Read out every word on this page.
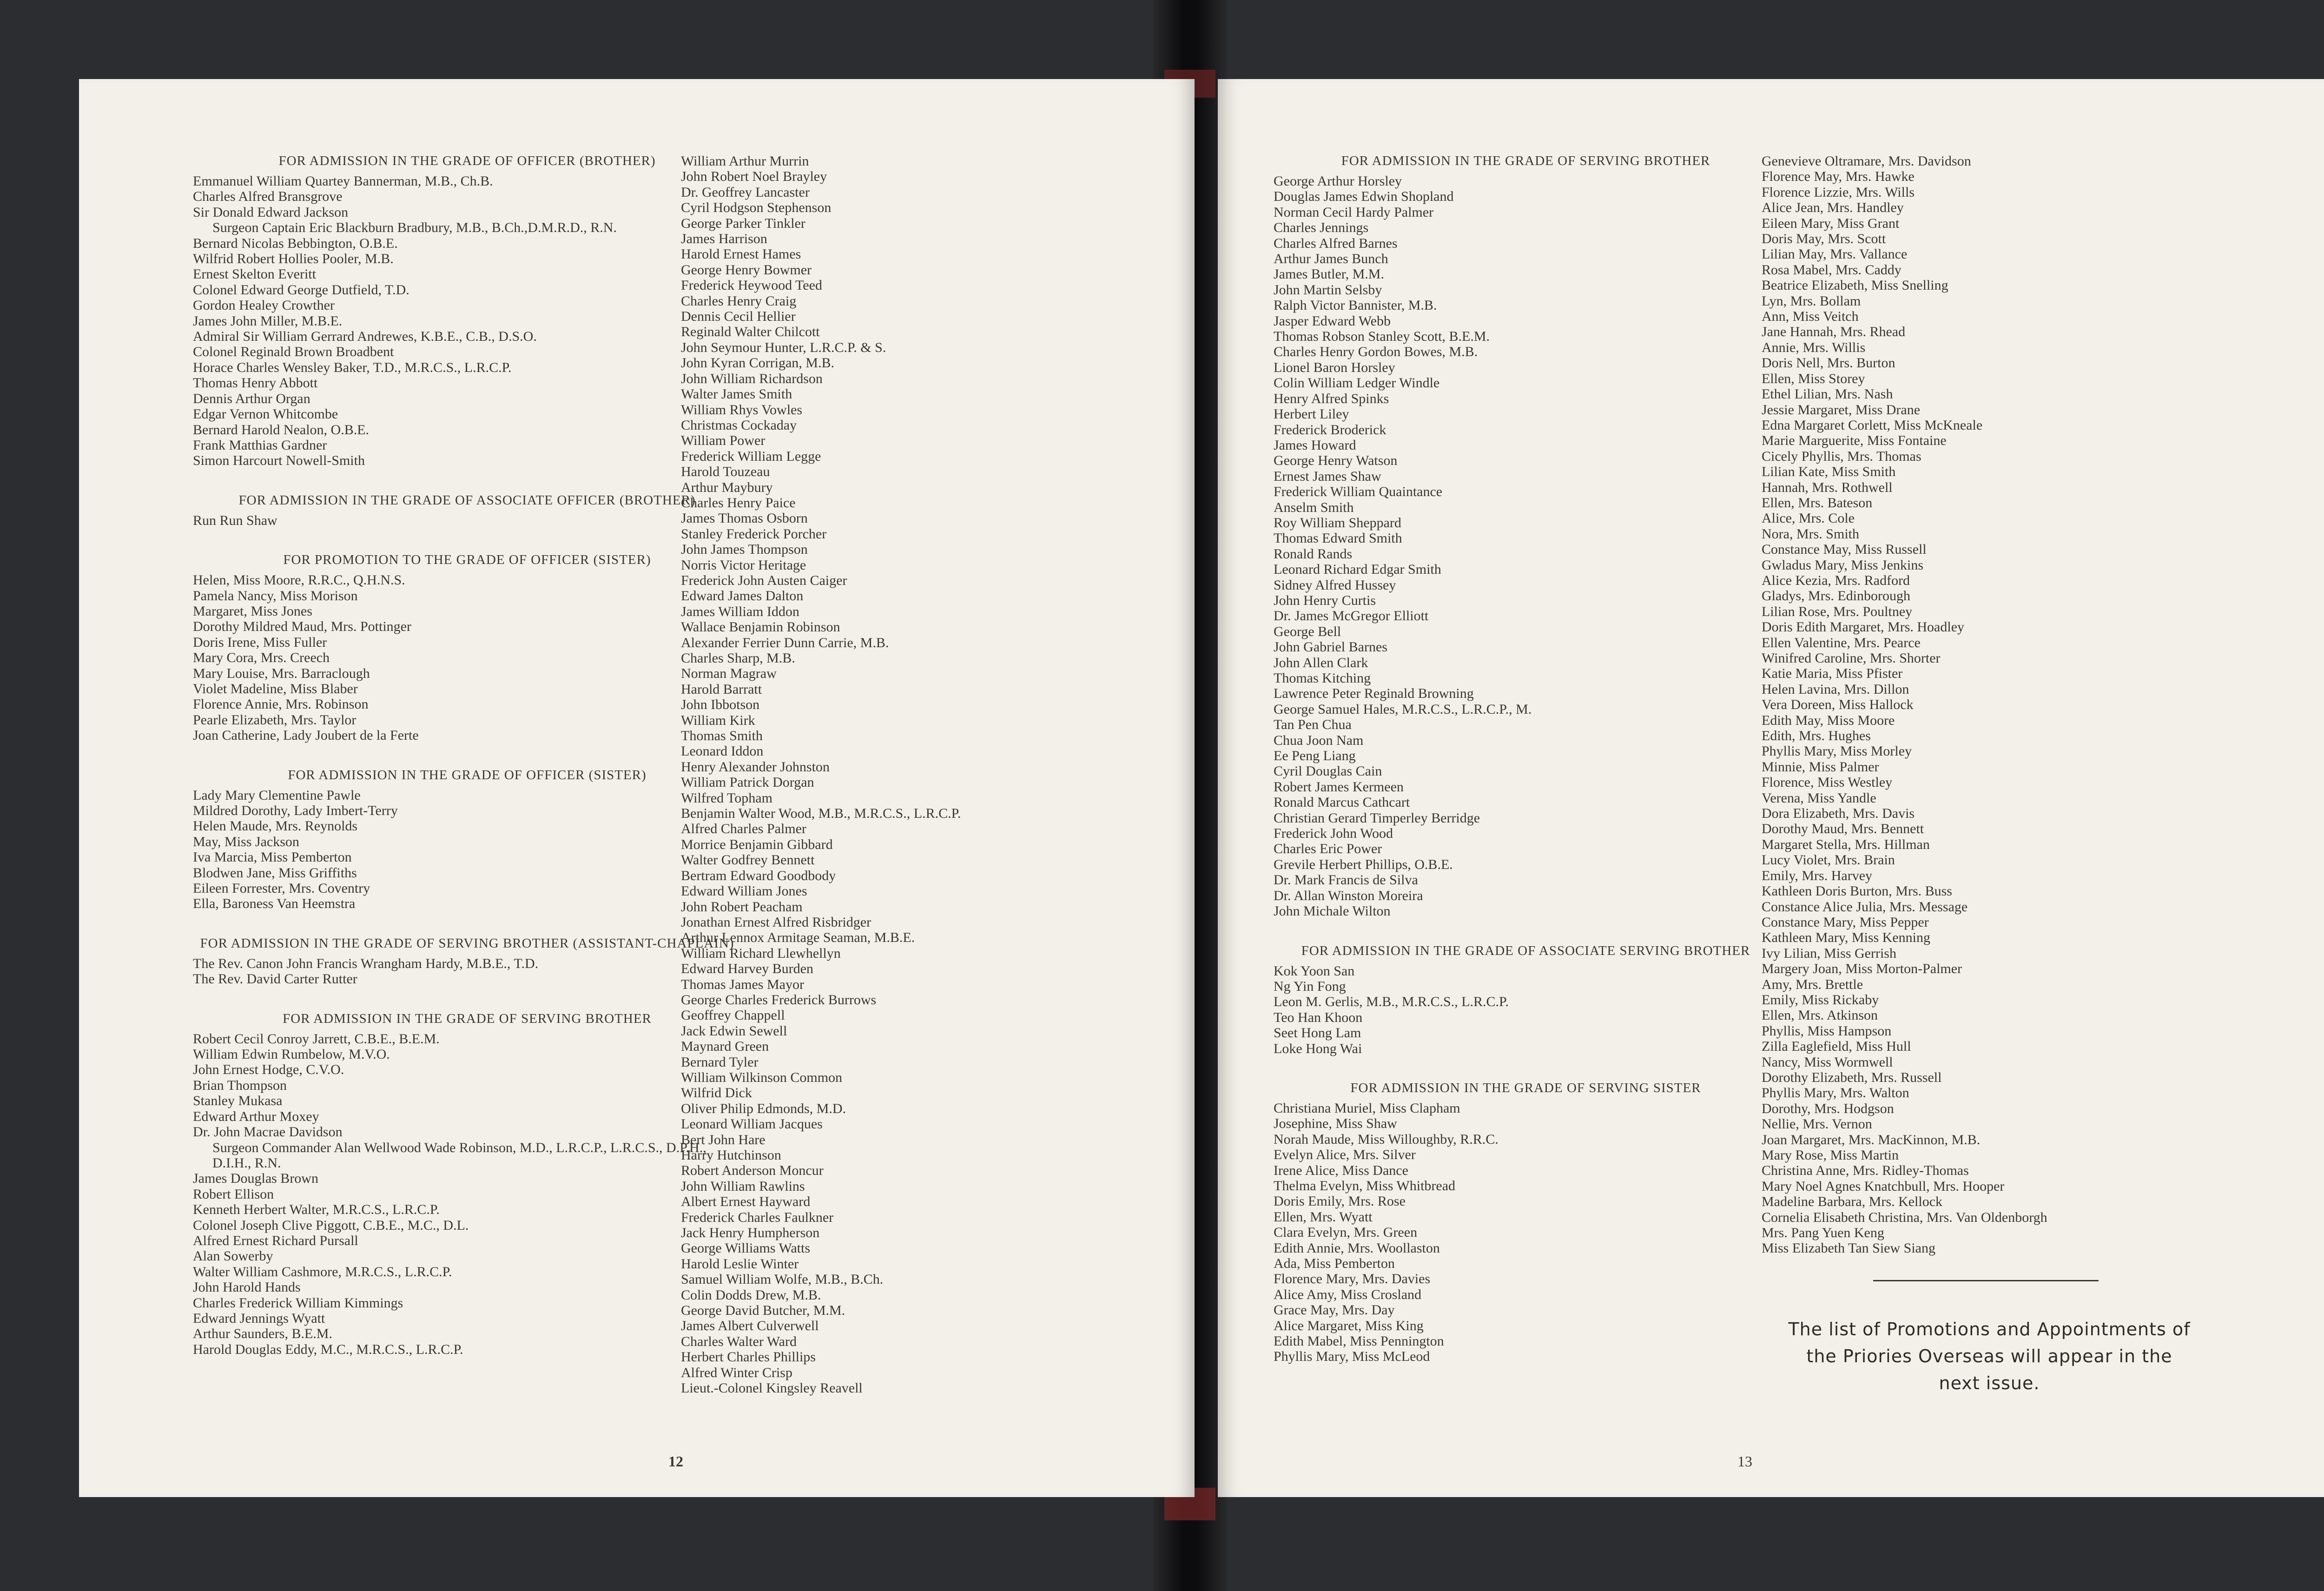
FOR ADMISSION IN THE GRADE OF OFFICER (BROTHER)

Emmanuel William Quartey Bannerman, M.B., Ch.B.

Charles Alfred Bransgrove

Sir Donald Edward Jackson

Surgeon Captain Eric Blackburn Bradbury, M.B., B.Ch.,D.M.R.D., R.N.

Bernard Nicolas Bebbington, O.B.E.

Wilfrid Robert Hollies Pooler, M.B.

Ernest Skelton Everitt

Colonel Edward George Dutfield, T.D.

Gordon Healey Crowther

James John Miller, M.B.E.

Admiral Sir William Gerrard Andrewes, K.B.E., C.B., D.S.O.

Colonel Reginald Brown Broadbent

Horace Charles Wensley Baker, T.D., M.R.C.S., L.R.C.P.

Thomas Henry Abbott

Dennis Arthur Organ

Edgar Vernon Whitcombe

Bernard Harold Nealon, O.B.E.

Frank Matthias Gardner

Simon Harcourt Nowell-Smith

FOR ADMISSION IN THE GRADE OF ASSOCIATE OFFICER (BROTHER)

Run Run Shaw

FOR PROMOTION TO THE GRADE OF OFFICER (SISTER)

Helen, Miss Moore, R.R.C., Q.H.N.S.

Pamela Nancy, Miss Morison

Margaret, Miss Jones

Dorothy Mildred Maud, Mrs. Pottinger

Doris Irene, Miss Fuller

Mary Cora, Mrs. Creech

Mary Louise, Mrs. Barraclough

Violet Madeline, Miss Blaber

Florence Annie, Mrs. Robinson

Pearle Elizabeth, Mrs. Taylor

Joan Catherine, Lady Joubert de la Ferte

FOR ADMISSION IN THE GRADE OF OFFICER (SISTER)

Lady Mary Clementine Pawle

Mildred Dorothy, Lady Imbert-Terry

Helen Maude, Mrs. Reynolds

May, Miss Jackson

Iva Marcia, Miss Pemberton

Blodwen Jane, Miss Griffiths

Eileen Forrester, Mrs. Coventry

Ella, Baroness Van Heemstra

FOR ADMISSION IN THE GRADE OF SERVING BROTHER (ASSISTANT-CHAPLAIN)

The Rev. Canon John Francis Wrangham Hardy, M.B.E., T.D.

The Rev. David Carter Rutter

FOR ADMISSION IN THE GRADE OF SERVING BROTHER

Robert Cecil Conroy Jarrett, C.B.E., B.E.M.

William Edwin Rumbelow, M.V.O.

John Ernest Hodge, C.V.O.

Brian Thompson

Stanley Mukasa

Edward Arthur Moxey

Dr. John Macrae Davidson

Surgeon Commander Alan Wellwood Wade Robinson, M.D., L.R.C.P., L.R.C.S., D.P.H., D.I.H., R.N.

James Douglas Brown

Robert Ellison

Kenneth Herbert Walter, M.R.C.S., L.R.C.P.

Colonel Joseph Clive Piggott, C.B.E., M.C., D.L.

Alfred Ernest Richard Pursall

Alan Sowerby

Walter William Cashmore, M.R.C.S., L.R.C.P.

John Harold Hands

Charles Frederick William Kimmings

Edward Jennings Wyatt

Arthur Saunders, B.E.M.

Harold Douglas Eddy, M.C., M.R.C.S., L.R.C.P.

William Arthur Murrin

John Robert Noel Brayley

Dr. Geoffrey Lancaster

Cyril Hodgson Stephenson

George Parker Tinkler

James Harrison

Harold Ernest Hames

George Henry Bowmer

Frederick Heywood Teed

Charles Henry Craig

Dennis Cecil Hellier

Reginald Walter Chilcott

John Seymour Hunter, L.R.C.P. & S.

John Kyran Corrigan, M.B.

John William Richardson

Walter James Smith

William Rhys Vowles

Christmas Cockaday

William Power

Frederick William Legge

Harold Touzeau

Arthur Maybury

Charles Henry Paice

James Thomas Osborn

Stanley Frederick Porcher

John James Thompson

Norris Victor Heritage

Frederick John Austen Caiger

Edward James Dalton

James William Iddon

Wallace Benjamin Robinson

Alexander Ferrier Dunn Carrie, M.B.

Charles Sharp, M.B.

Norman Magraw

Harold Barratt

John Ibbotson

William Kirk

Thomas Smith

Leonard Iddon

Henry Alexander Johnston

William Patrick Dorgan

Wilfred Topham

Benjamin Walter Wood, M.B., M.R.C.S., L.R.C.P.

Alfred Charles Palmer

Morrice Benjamin Gibbard

Walter Godfrey Bennett

Bertram Edward Goodbody

Edward William Jones

John Robert Peacham

Jonathan Ernest Alfred Risbridger

Arthur Lennox Armitage Seaman, M.B.E.

William Richard Llewhellyn

Edward Harvey Burden

Thomas James Mayor

George Charles Frederick Burrows

Geoffrey Chappell

Jack Edwin Sewell

Maynard Green

Bernard Tyler

William Wilkinson Common

Wilfrid Dick

Oliver Philip Edmonds, M.D.

Leonard William Jacques

Bert John Hare

Harry Hutchinson

Robert Anderson Moncur

John William Rawlins

Albert Ernest Hayward

Frederick Charles Faulkner

Jack Henry Humpherson

George Williams Watts

Harold Leslie Winter

Samuel William Wolfe, M.B., B.Ch.

Colin Dodds Drew, M.B.

George David Butcher, M.M.

James Albert Culverwell

Charles Walter Ward

Herbert Charles Phillips

Alfred Winter Crisp

Lieut.-Colonel Kingsley Reavell

12
FOR ADMISSION IN THE GRADE OF SERVING BROTHER

George Arthur Horsley

Douglas James Edwin Shopland

Norman Cecil Hardy Palmer

Charles Jennings

Charles Alfred Barnes

Arthur James Bunch

James Butler, M.M.

John Martin Selsby

Ralph Victor Bannister, M.B.

Jasper Edward Webb

Thomas Robson Stanley Scott, B.E.M.

Charles Henry Gordon Bowes, M.B.

Lionel Baron Horsley

Colin William Ledger Windle

Henry Alfred Spinks

Herbert Liley

Frederick Broderick

James Howard

George Henry Watson

Ernest James Shaw

Frederick William Quaintance

Anselm Smith

Roy William Sheppard

Thomas Edward Smith

Ronald Rands

Leonard Richard Edgar Smith

Sidney Alfred Hussey

John Henry Curtis

Dr. James McGregor Elliott

George Bell

John Gabriel Barnes

John Allen Clark

Thomas Kitching

Lawrence Peter Reginald Browning

George Samuel Hales, M.R.C.S., L.R.C.P., M.

Tan Pen Chua

Chua Joon Nam

Ee Peng Liang

Cyril Douglas Cain

Robert James Kermeen

Ronald Marcus Cathcart

Christian Gerard Timperley Berridge

Frederick John Wood

Charles Eric Power

Grevile Herbert Phillips, O.B.E.

Dr. Mark Francis de Silva

Dr. Allan Winston Moreira

John Michale Wilton

FOR ADMISSION IN THE GRADE OF ASSOCIATE SERVING BROTHER

Kok Yoon San

Ng Yin Fong

Leon M. Gerlis, M.B., M.R.C.S., L.R.C.P.

Teo Han Khoon

Seet Hong Lam

Loke Hong Wai

FOR ADMISSION IN THE GRADE OF SERVING SISTER

Christiana Muriel, Miss Clapham

Josephine, Miss Shaw

Norah Maude, Miss Willoughby, R.R.C.

Evelyn Alice, Mrs. Silver

Irene Alice, Miss Dance

Thelma Evelyn, Miss Whitbread

Doris Emily, Mrs. Rose

Ellen, Mrs. Wyatt

Clara Evelyn, Mrs. Green

Edith Annie, Mrs. Woollaston

Ada, Miss Pemberton

Florence Mary, Mrs. Davies

Alice Amy, Miss Crosland

Grace May, Mrs. Day

Alice Margaret, Miss King

Edith Mabel, Miss Pennington

Phyllis Mary, Miss McLeod

Genevieve Oltramare, Mrs. Davidson

Florence May, Mrs. Hawke

Florence Lizzie, Mrs. Wills

Alice Jean, Mrs. Handley

Eileen Mary, Miss Grant

Doris May, Mrs. Scott

Lilian May, Mrs. Vallance

Rosa Mabel, Mrs. Caddy

Beatrice Elizabeth, Miss Snelling

Lyn, Mrs. Bollam

Ann, Miss Veitch

Jane Hannah, Mrs. Rhead

Annie, Mrs. Willis

Doris Nell, Mrs. Burton

Ellen, Miss Storey

Ethel Lilian, Mrs. Nash

Jessie Margaret, Miss Drane

Edna Margaret Corlett, Miss McKneale

Marie Marguerite, Miss Fontaine

Cicely Phyllis, Mrs. Thomas

Lilian Kate, Miss Smith

Hannah, Mrs. Rothwell

Ellen, Mrs. Bateson

Alice, Mrs. Cole

Nora, Mrs. Smith

Constance May, Miss Russell

Gwladus Mary, Miss Jenkins

Alice Kezia, Mrs. Radford

Gladys, Mrs. Edinborough

Lilian Rose, Mrs. Poultney

Doris Edith Margaret, Mrs. Hoadley

Ellen Valentine, Mrs. Pearce

Winifred Caroline, Mrs. Shorter

Katie Maria, Miss Pfister

Helen Lavina, Mrs. Dillon

Vera Doreen, Miss Hallock

Edith May, Miss Moore

Edith, Mrs. Hughes

Phyllis Mary, Miss Morley

Minnie, Miss Palmer

Florence, Miss Westley

Verena, Miss Yandle

Dora Elizabeth, Mrs. Davis

Dorothy Maud, Mrs. Bennett

Margaret Stella, Mrs. Hillman

Lucy Violet, Mrs. Brain

Emily, Mrs. Harvey

Kathleen Doris Burton, Mrs. Buss

Constance Alice Julia, Mrs. Message

Constance Mary, Miss Pepper

Kathleen Mary, Miss Kenning

Ivy Lilian, Miss Gerrish

Margery Joan, Miss Morton-Palmer

Amy, Mrs. Brettle

Emily, Miss Rickaby

Ellen, Mrs. Atkinson

Phyllis, Miss Hampson

Zilla Eaglefield, Miss Hull

Nancy, Miss Wormwell

Dorothy Elizabeth, Mrs. Russell

Phyllis Mary, Mrs. Walton

Dorothy, Mrs. Hodgson

Nellie, Mrs. Vernon

Joan Margaret, Mrs. MacKinnon, M.B.

Mary Rose, Miss Martin

Christina Anne, Mrs. Ridley-Thomas

Mary Noel Agnes Knatchbull, Mrs. Hooper

Madeline Barbara, Mrs. Kellock

Cornelia Elisabeth Christina, Mrs. Van Oldenborgh

Mrs. Pang Yuen Keng

Miss Elizabeth Tan Siew Siang

The list of Promotions and Appointments of the Priories Overseas will appear in the next issue.
13
